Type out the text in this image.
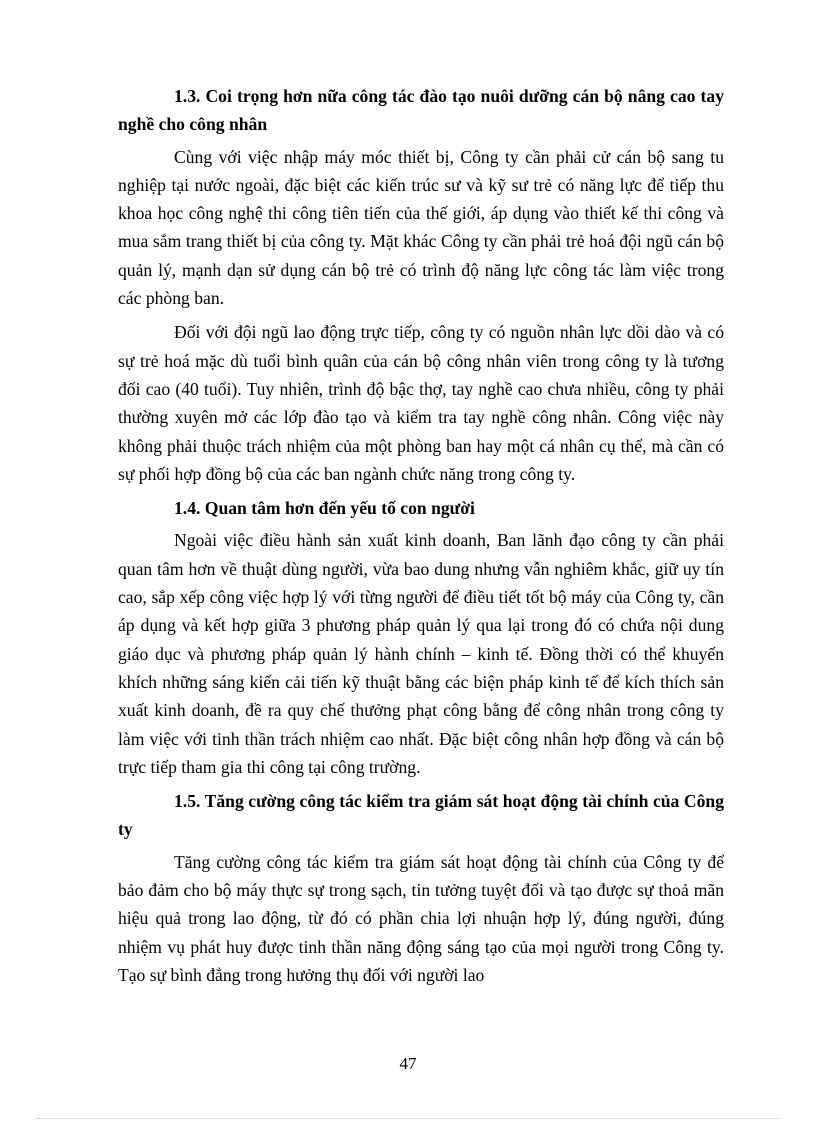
1.3. Coi trọng hơn nữa công tác đào tạo nuôi dưỡng cán bộ nâng cao tay nghề cho công nhân

Cùng với việc nhập máy móc thiết bị, Công ty cần phải cử cán bộ sang tu nghiệp tại nước ngoài, đặc biệt các kiến trúc sư và kỹ sư trẻ có năng lực để tiếp thu khoa học công nghệ thi công tiên tiến của thế giới, áp dụng vào thiết kế thi công và mua sắm trang thiết bị của công ty. Mặt khác Công ty cần phải trẻ hoá đội ngũ cán bộ quản lý, mạnh dạn sử dụng cán bộ trẻ có trình độ năng lực công tác làm việc trong các phòng ban.

Đối với đội ngũ lao động trực tiếp, công ty có nguồn nhân lực dồi dào và có sự trẻ hoá mặc dù tuổi bình quân của cán bộ công nhân viên trong công ty là tương đối cao (40 tuổi). Tuy nhiên, trình độ bậc thợ, tay nghề cao chưa nhiều, công ty phải thường xuyên mở các lớp đào tạo và kiểm tra tay nghề công nhân. Công việc này không phải thuộc trách nhiệm của một phòng ban hay một cá nhân cụ thể, mà cần có sự phối hợp đồng bộ của các ban ngành chức năng trong công ty.

1.4. Quan tâm hơn đến yếu tố con người

Ngoài việc điều hành sản xuất kinh doanh, Ban lãnh đạo công ty cần phải quan tâm hơn về thuật dùng người, vừa bao dung nhưng vẫn nghiêm khắc, giữ uy tín cao, sắp xếp công việc hợp lý với từng người để điều tiết tốt bộ máy của Công ty, cần áp dụng và kết hợp giữa 3 phương pháp quản lý qua lại trong đó có chứa nội dung giáo dục và phương pháp quản lý hành chính – kinh tế. Đồng thời có thể khuyến khích những sáng kiến cải tiến kỹ thuật bằng các biện pháp kinh tế để kích thích sản xuất kinh doanh, đề ra quy chế thưởng phạt công bằng để công nhân trong công ty làm việc với tinh thần trách nhiệm cao nhất. Đặc biệt công nhân hợp đồng và cán bộ trực tiếp tham gia thi công tại công trường.

1.5. Tăng cường công tác kiểm tra giám sát hoạt động tài chính của Công ty

Tăng cường công tác kiểm tra giám sát hoạt động tài chính của Công ty để bảo đảm cho bộ máy thực sự trong sạch, tin tưởng tuyệt đối và tạo được sự thoả mãn hiệu quả trong lao động, từ đó có phần chia lợi nhuận hợp lý, đúng người, đúng nhiệm vụ phát huy được tinh thần năng động sáng tạo của mọi người trong Công ty. Tạo sự bình đẳng trong hưởng thụ đối với người lao

47
